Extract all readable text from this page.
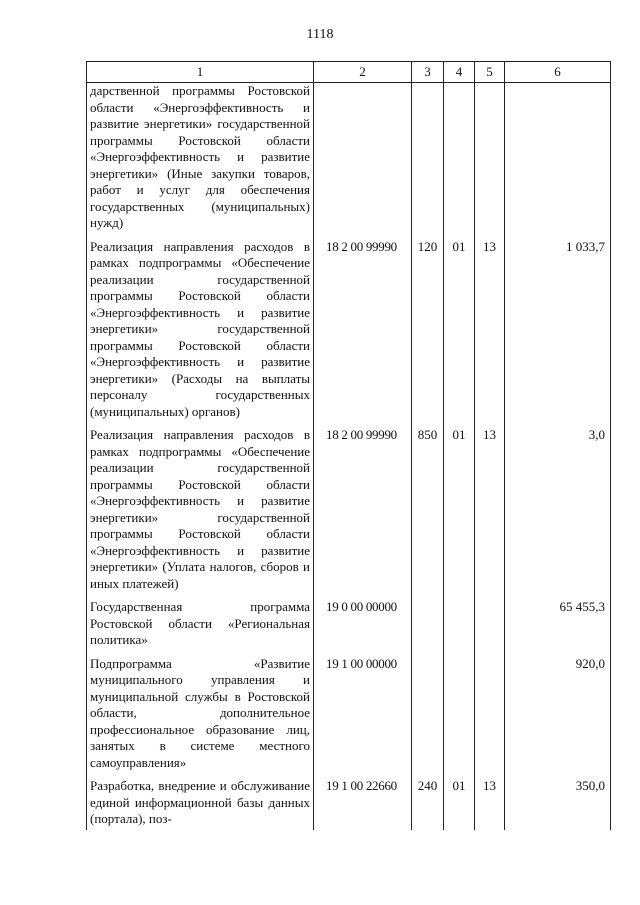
1118
1	2	3	4	5	6
дарственной программы Ростовской области «Энергоэффективность и развитие энергетики» государственной программы Ростовской области «Энергоэффективность и развитие энергетики» (Иные закупки товаров, работ и услуг для обеспечения государственных (муниципальных) нужд)					
Реализация направления расходов в рамках подпрограммы «Обеспечение реализации государственной программы Ростовской области «Энергоэффективность и развитие энергетики» государственной программы Ростовской области «Энергоэффективность и развитие энергетики» (Расходы на выплаты персоналу государственных (муниципальных) органов)	18 2 00 99990	120	01	13	1 033,7
Реализация направления расходов в рамках подпрограммы «Обеспечение реализации государственной программы Ростовской области «Энергоэффективность и развитие энергетики» государственной программы Ростовской области «Энергоэффективность и развитие энергетики» (Уплата налогов, сборов и иных платежей)	18 2 00 99990	850	01	13	3,0
Государственная программа Ростовской области «Региональная политика»	19 0 00 00000				65 455,3
Подпрограмма «Развитие муниципального управления и муниципальной службы в Ростовской области, дополнительное профессиональное образование лиц, занятых в системе местного самоуправления»	19 1 00 00000				920,0
Разработка, внедрение и обслуживание единой информационной базы данных (портала), поз-	19 1 00 22660	240	01	13	350,0
